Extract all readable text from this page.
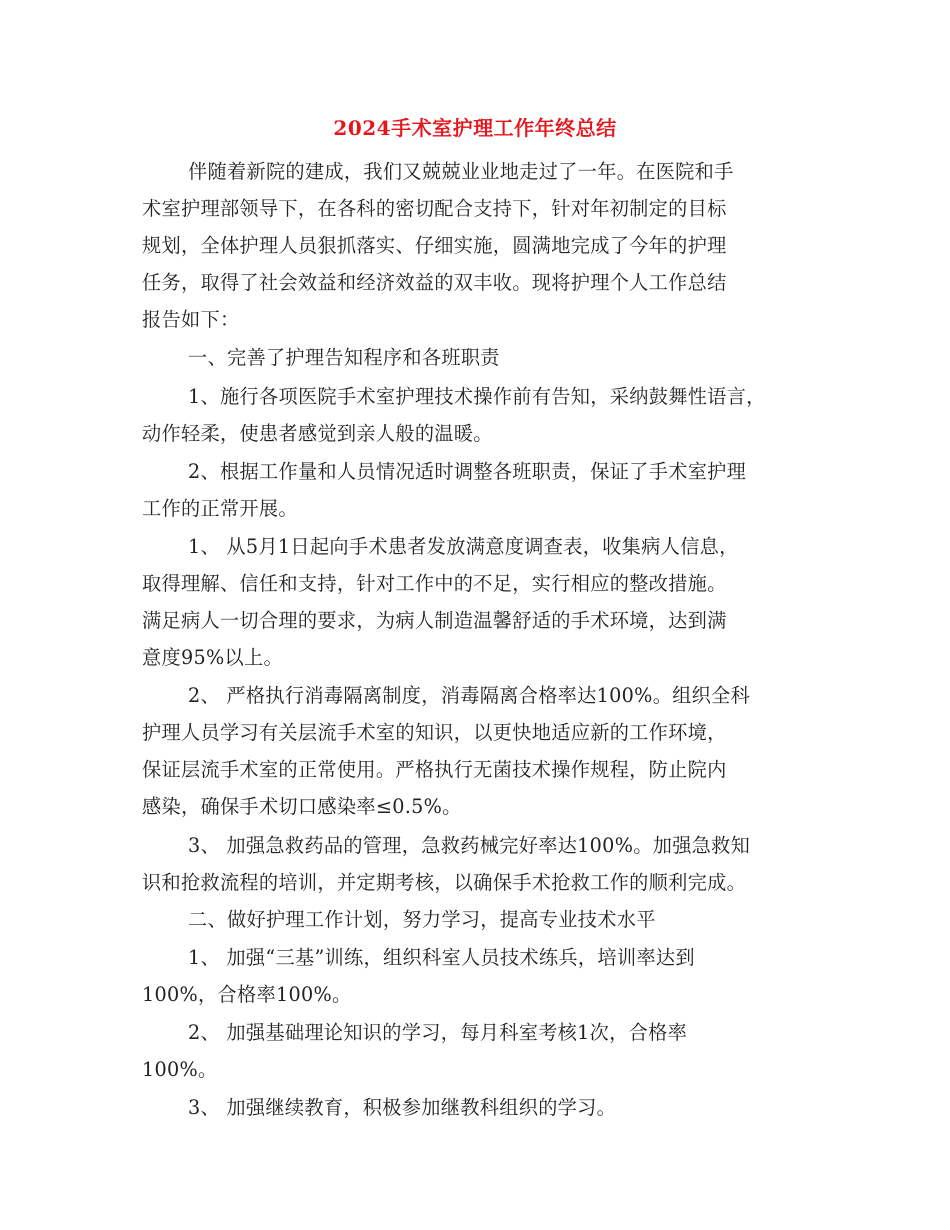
2024手术室护理工作年终总结
伴随着新院的建成，我们又兢兢业业地走过了一年。在医院和手
术室护理部领导下，在各科的密切配合支持下，针对年初制定的目标
规划，全体护理人员狠抓落实、仔细实施，圆满地完成了今年的护理
任务，取得了社会效益和经济效益的双丰收。现将护理个人工作总结
报告如下：
一、完善了护理告知程序和各班职责
1、施行各项医院手术室护理技术操作前有告知，采纳鼓舞性语言，
动作轻柔，使患者感觉到亲人般的温暖。
2、根据工作量和人员情况适时调整各班职责，保证了手术室护理
工作的正常开展。
1、 从5月1日起向手术患者发放满意度调查表，收集病人信息，
取得理解、信任和支持，针对工作中的不足，实行相应的整改措施。
满足病人一切合理的要求，为病人制造温馨舒适的手术环境，达到满
意度95%以上。
2、 严格执行消毒隔离制度，消毒隔离合格率达100%。组织全科
护理人员学习有关层流手术室的知识，以更快地适应新的工作环境，
保证层流手术室的正常使用。严格执行无菌技术操作规程，防止院内
感染，确保手术切口感染率≤0.5%。
3、 加强急救药品的管理，急救药械完好率达100%。加强急救知
识和抢救流程的培训，并定期考核，以确保手术抢救工作的顺利完成。
二、做好护理工作计划，努力学习，提高专业技术水平
1、 加强“三基”训练，组织科室人员技术练兵，培训率达到
100%，合格率100%。
2、 加强基础理论知识的学习，每月科室考核1次，合格率
100%。
3、 加强继续教育，积极参加继教科组织的学习。
